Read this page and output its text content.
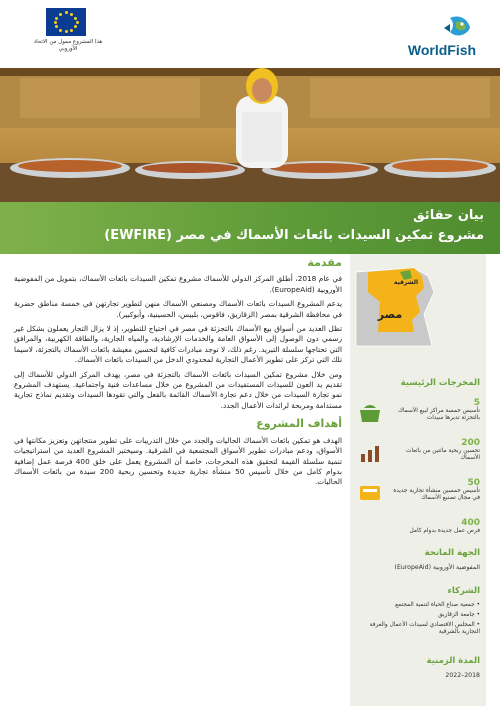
هذا المشروع ممول من الاتحاد الأوروبي	WorldFish
بيان حقائق
مشروع تمكين السيدات بائعات الأسماك في مصر (EWFIRE)
مقدمة

في عام 2018، أطلق المركز الدولي للأسماك مشروع تمكين السيدات بائعات الأسماك، بتمويل من المفوضية الأوروبية (EuropeAid).

يدعم المشروع السيدات بائعات الأسماك ومصنعي الأسماك منهن لتطوير تجارتهن في خمسة مناطق حضرية في محافظة الشرقية بمصر (الزقازيق، فاقوس، بلبيس، الحسينية، وأبوكبير).

تظل العديد من أسواق بيع الأسماك بالتجزئة في مصر في احتياج للتطوير، إذ لا يزال التجار يعملون بشكل غير رسمي دون الوصول إلى الأسواق العامة والخدمات الإرشادية، والمياه الجارية، والطاقة الكهربية، والمرافق التي تحتاجها سلسلة التبريد. رغم ذلك، لا توجد مبادرات كافية لتحسين معيشة بائعات الأسماك بالتجزئة، لاسيما تلك التي تركز على تطوير الأعمال التجارية لمحدودي الدخل من السيدات بائعات الأسماك.

ومن خلال مشروع تمكين السيدات بائعات الأسماك بالتجزئة في مصر، يهدف المركز الدولي للأسماك إلى تقديم يد العون للسيدات المستفيدات من المشروع من خلال مساعدات فنية واجتماعية. يستهدف المشروع نمو تجارة السيدات من خلال دعم تجارة الأسماك القائمة بالفعل والتي تقودها السيدات وتقديم نماذج تجارية مستدامة ومربحة لرائدات الأعمال الجدد.

أهداف المشروع

الهدف هو تمكين بائعات الأسماك الحاليات والجدد من خلال التدريبات على تطوير منتجاتهن وتعزيز مكانتها في الأسواق، ودعم مبادرات تطوير الأسواق المجتمعية في الشرقية. وسيختبر المشروع العديد من استراتيجيات تنمية سلسلة القيمة لتحقيق هذه المخرجات، خاصة أن المشروع يعمل على خلق 400 فرصة عمل إضافية بدوام كامل من خلال تأسيس 50 منشأة تجارية جديدة وتحسين ربحية 200 سيدة من بائعات الأسماك الحاليات.

الشرقية
مصر
المخرجات الرئيسية
5
تأسيس خمسة مراكز لبيع الأسماك بالتجزئة تديرها سيدات
200
تحسين ربحية مائتين من بائعات الأسماك
50
تأسيس خمسين منشأة تجارية جديدة في مجال تصنيع الأسماك
400
فرص عمل جديدة بدوام كامل
الجهة المانحة
المفوضية الأوروبية (EuropeAid)
الشركاء
• جمعية صناع الحياة لتنمية المجتمع
• جامعة الزقازيق
• المجلس الاقتصادي لسيدات الأعمال والغرفة التجارية بالشرقية
المدة الزمنية
2018–2022
